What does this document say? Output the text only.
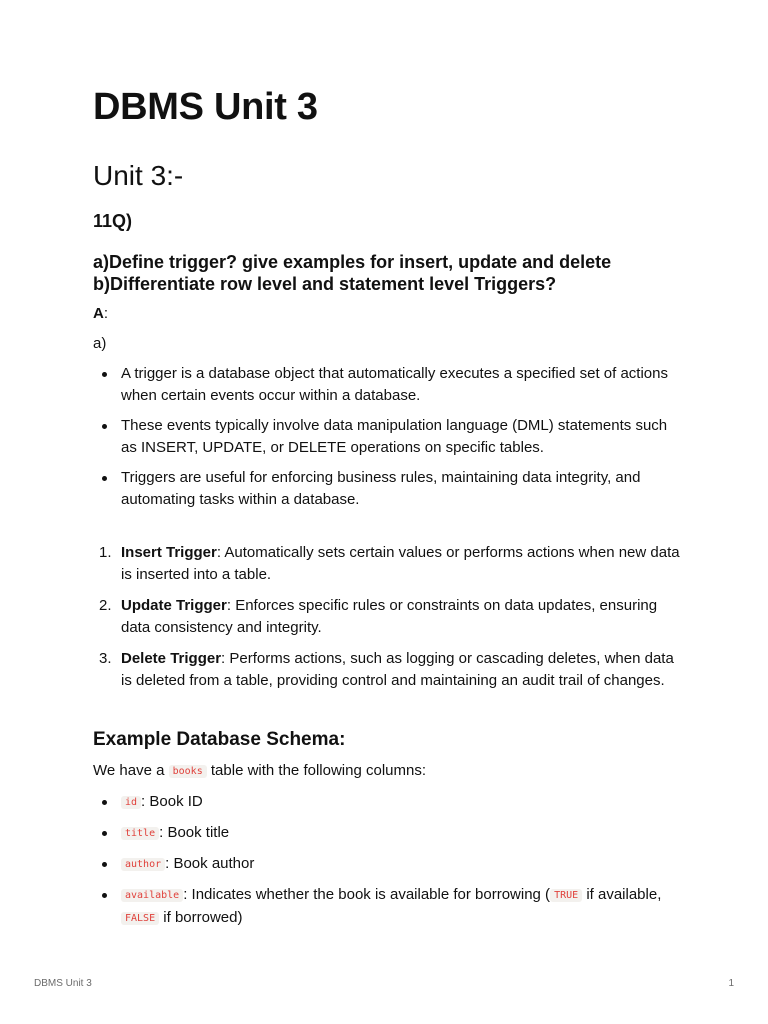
DBMS Unit 3
Unit 3:-
11Q)
a)Define trigger? give examples for insert, update and delete
b)Differentiate row level and statement level Triggers?
A:
a)
A trigger is a database object that automatically executes a specified set of actions when certain events occur within a database.
These events typically involve data manipulation language (DML) statements such as INSERT, UPDATE, or DELETE operations on specific tables.
Triggers are useful for enforcing business rules, maintaining data integrity, and automating tasks within a database.
1. Insert Trigger: Automatically sets certain values or performs actions when new data is inserted into a table.
2. Update Trigger: Enforces specific rules or constraints on data updates, ensuring data consistency and integrity.
3. Delete Trigger: Performs actions, such as logging or cascading deletes, when data is deleted from a table, providing control and maintaining an audit trail of changes.
Example Database Schema:
We have a books table with the following columns:
id : Book ID
title : Book title
author : Book author
available : Indicates whether the book is available for borrowing ( TRUE if available, FALSE if borrowed)
DBMS Unit 3	1
